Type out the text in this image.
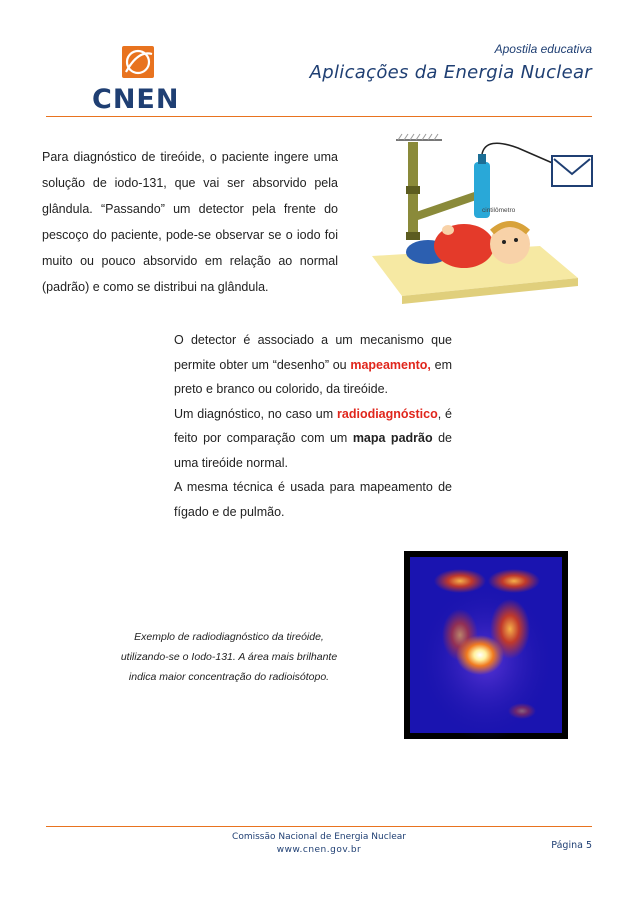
CNEN
Apostila educativa
Aplicações da Energia Nuclear
Para diagnóstico de tireóide, o paciente ingere uma solução de iodo-131, que vai ser absorvido pela glândula. “Passando” um detector pela frente do pescoço do paciente, pode-se observar se o iodo foi muito ou pouco absorvido em relação ao normal (padrão) e como se distribui na glândula.
cintilômetro

O detector é associado a um mecanismo que permite obter um “desenho” ou mapeamento, em preto e branco ou colorido, da tireóide.

Um diagnóstico, no caso um radiodiagnóstico, é feito por comparação com um mapa padrão de uma tireóide normal.

A mesma técnica é usada para mapeamento de fígado e de pulmão.

Exemplo de radiodiagnóstico da tireóide,
utilizando-se o Iodo-131. A área mais brilhante
indica maior concentração do radioisótopo.
Comissão Nacional de Energia Nuclear
www.cnen.gov.br	Página 5
